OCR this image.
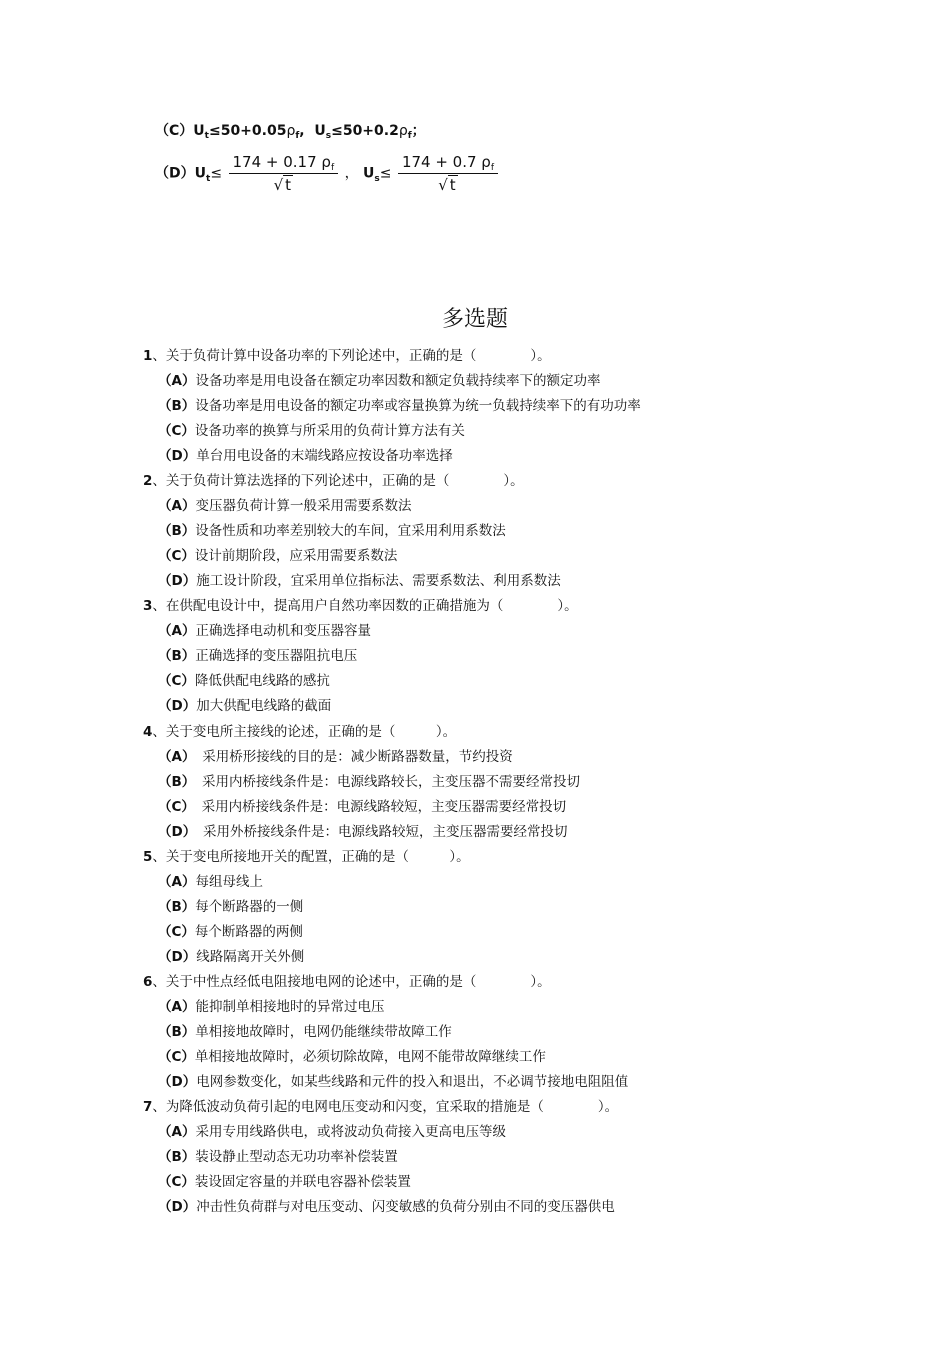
$(C)U_t\le 50+0.05\rho_f$, $U_s\le 50+0.2\rho_f$；
$(D)U_t\le \frac{174 + 0.17 \rho_f}{√ t}$ ， $U_s\le \frac{174 + 0.7 \rho_f}{√ t}$
多选题
1、关于负荷计算中设备功率的下列论述中，正确的是（　　　　）。
（A）设备功率是用电设备在额定功率因数和额定负载持续率下的额定功率
（B）设备功率是用电设备的额定功率或容量换算为统一负载持续率下的有功功率
（C）设备功率的换算与所采用的负荷计算方法有关
（D）单台用电设备的末端线路应按设备功率选择
2、关于负荷计算法选择的下列论述中，正确的是（　　　　）。
（A）变压器负荷计算一般采用需要系数法
（B）设备性质和功率差别较大的车间，宜采用利用系数法
（C）设计前期阶段，应采用需要系数法
（D）施工设计阶段，宜采用单位指标法、需要系数法、利用系数法
3、在供配电设计中，提高用户自然功率因数的正确措施为（　　　　）。
（A）正确选择电动机和变压器容量
（B）正确选择的变压器阻抗电压
（C）降低供配电线路的感抗
（D）加大供配电线路的截面
4、关于变电所主接线的论述，正确的是（　　　）。
（A）　采用桥形接线的目的是：减少断路器数量，节约投资
（B）　采用内桥接线条件是：电源线路较长，主变压器不需要经常投切
（C）　采用内桥接线条件是：电源线路较短，主变压器需要经常投切
（D）　采用外桥接线条件是：电源线路较短，主变压器需要经常投切
5、关于变电所接地开关的配置，正确的是（　　　）。
（A）每组母线上
（B）每个断路器的一侧
（C）每个断路器的两侧
（D）线路隔离开关外侧
6、关于中性点经低电阻接地电网的论述中，正确的是（　　　　）。
（A）能抑制单相接地时的异常过电压
（B）单相接地故障时，电网仍能继续带故障工作
（C）单相接地故障时，必须切除故障，电网不能带故障继续工作
（D）电网参数变化，如某些线路和元件的投入和退出，不必调节接地电阻阻值
7、为降低波动负荷引起的电网电压变动和闪变，宜采取的措施是（　　　　）。
（A）采用专用线路供电，或将波动负荷接入更高电压等级
（B）装设静止型动态无功功率补偿装置
（C）装设固定容量的并联电容器补偿装置
（D）冲击性负荷群与对电压变动、闪变敏感的负荷分别由不同的变压器供电
